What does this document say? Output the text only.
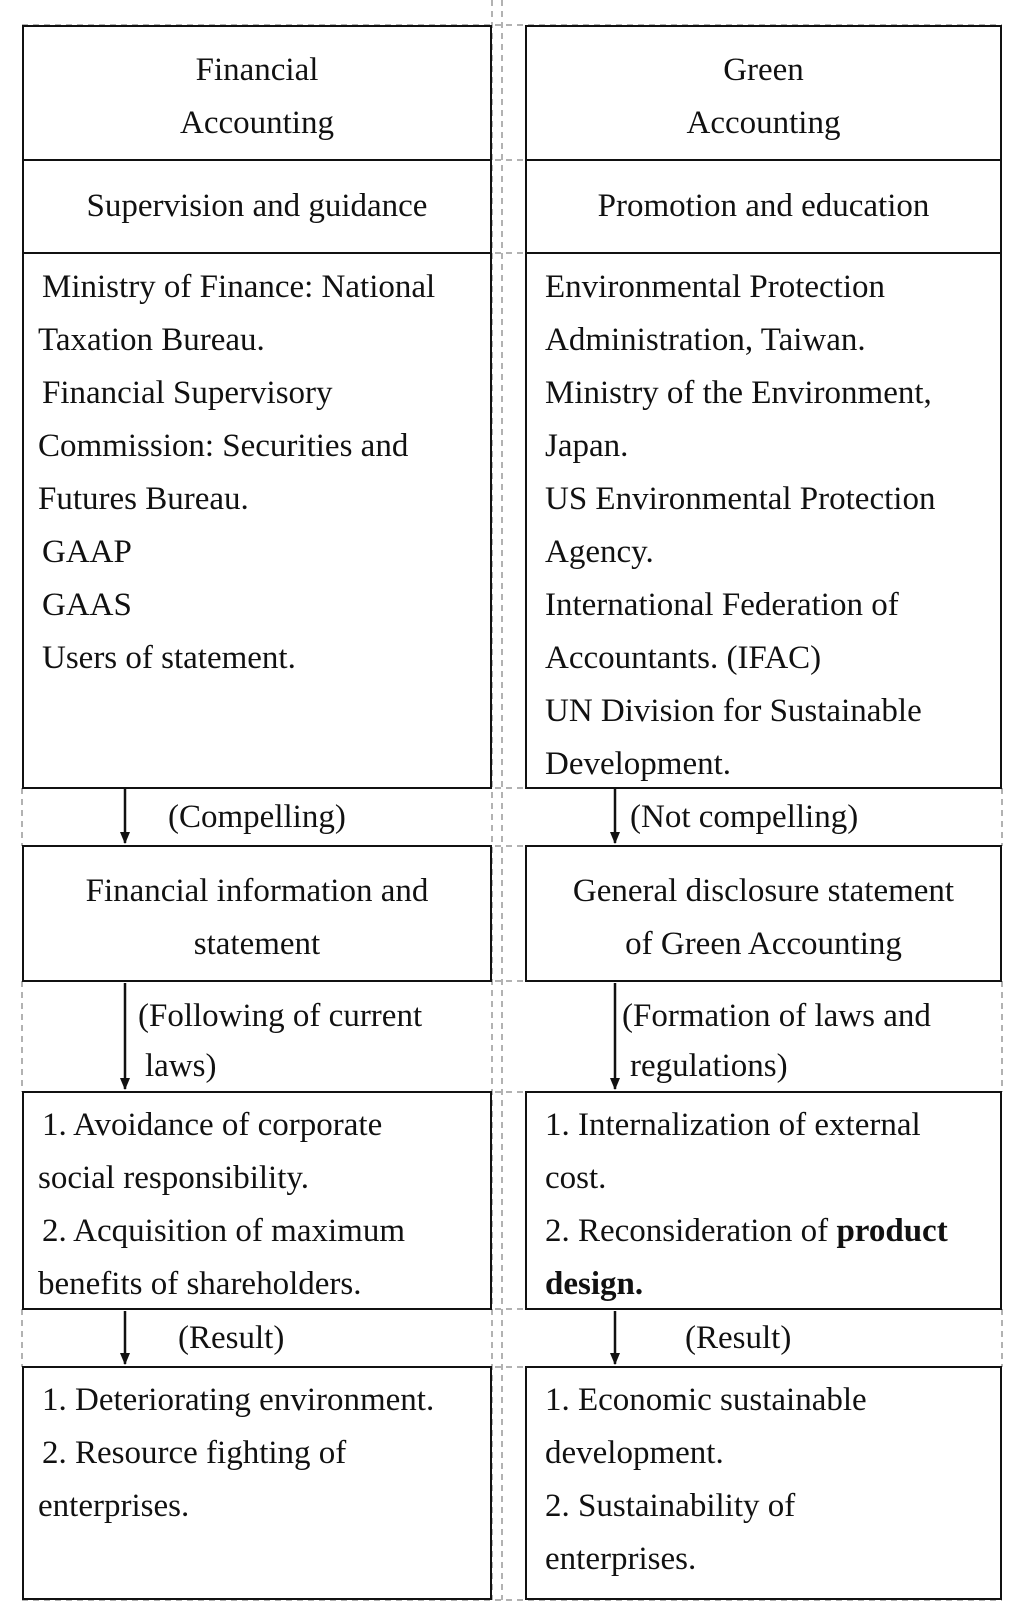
Financial
Accounting
Supervision and guidance
Ministry of Finance: National
Taxation Bureau.
Financial Supervisory
Commission: Securities and
Futures Bureau.
GAAP
GAAS
Users of statement.
(Compelling)
Financial information and
statement
(Following of current
laws)
1. Avoidance of corporate
social responsibility.
2. Acquisition of maximum
benefits of shareholders.
(Result)
1. Deteriorating environment.
2. Resource fighting of
enterprises.
Green
Accounting
Promotion and education
Environmental Protection
Administration, Taiwan.
Ministry of the Environment,
Japan.
US Environmental Protection
Agency.
International Federation of
Accountants. (IFAC)
UN Division for Sustainable
Development.
(Not compelling)
General disclosure statement
of Green Accounting
(Formation of laws and
regulations)
1. Internalization of external
cost.
2. Reconsideration of product
design.
(Result)
1. Economic sustainable
development.
2. Sustainability of
enterprises.
